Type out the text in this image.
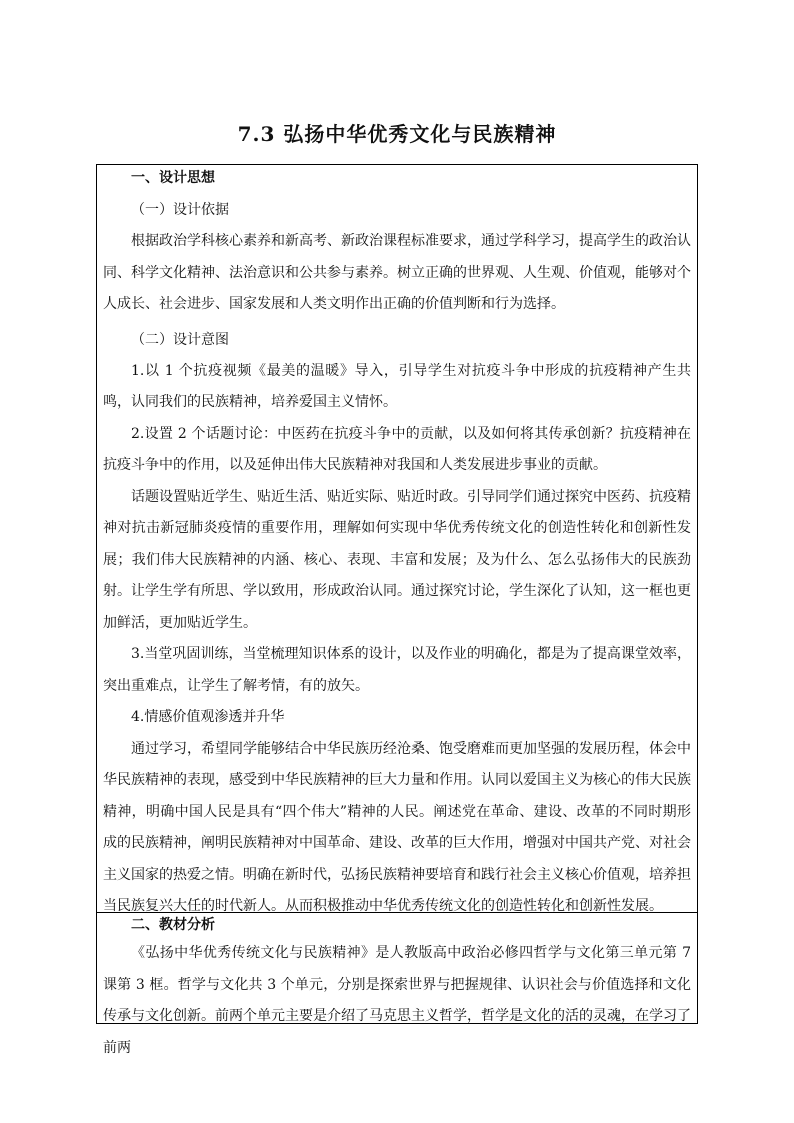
7.3 弘扬中华优秀文化与民族精神
一、设计思想
（一）设计依据

根据政治学科核心素养和新高考、新政治课程标准要求，通过学科学习，提高学生的政治认同、科学文化精神、法治意识和公共参与素养。树立正确的世界观、人生观、价值观，能够对个人成长、社会进步、国家发展和人类文明作出正确的价值判断和行为选择。

（二）设计意图

1.以 1 个抗疫视频《最美的温暖》导入，引导学生对抗疫斗争中形成的抗疫精神产生共鸣，认同我们的民族精神，培养爱国主义情怀。

2.设置 2 个话题讨论：中医药在抗疫斗争中的贡献，以及如何将其传承创新？抗疫精神在抗疫斗争中的作用，以及延伸出伟大民族精神对我国和人类发展进步事业的贡献。

话题设置贴近学生、贴近生活、贴近实际、贴近时政。引导同学们通过探究中医药、抗疫精神对抗击新冠肺炎疫情的重要作用，理解如何实现中华优秀传统文化的创造性转化和创新性发展；我们伟大民族精神的内涵、核心、表现、丰富和发展；及为什么、怎么弘扬伟大的民族劲射。让学生学有所思、学以致用，形成政治认同。通过探究讨论，学生深化了认知，这一框也更加鲜活，更加贴近学生。

3.当堂巩固训练，当堂梳理知识体系的设计，以及作业的明确化，都是为了提高课堂效率，突出重难点，让学生了解考情，有的放矢。

4.情感价值观渗透并升华

通过学习，希望同学能够结合中华民族历经沧桑、饱受磨难而更加坚强的发展历程，体会中华民族精神的表现，感受到中华民族精神的巨大力量和作用。认同以爱国主义为核心的伟大民族精神，明确中国人民是具有“四个伟大”精神的人民。阐述党在革命、建设、改革的不同时期形成的民族精神，阐明民族精神对中国革命、建设、改革的巨大作用，增强对中国共产党、对社会主义国家的热爱之情。明确在新时代，弘扬民族精神要培育和践行社会主义核心价值观，培养担当民族复兴大任的时代新人。从而积极推动中华优秀传统文化的创造性转化和创新性发展。

二、教材分析

《弘扬中华优秀传统文化与民族精神》是人教版高中政治必修四哲学与文化第三单元第 7 课第 3 框。哲学与文化共 3 个单元，分别是探索世界与把握规律、认识社会与价值选择和文化传承与文化创新。前两个单元主要是介绍了马克思主义哲学，哲学是文化的活的灵魂，在学习了前两
